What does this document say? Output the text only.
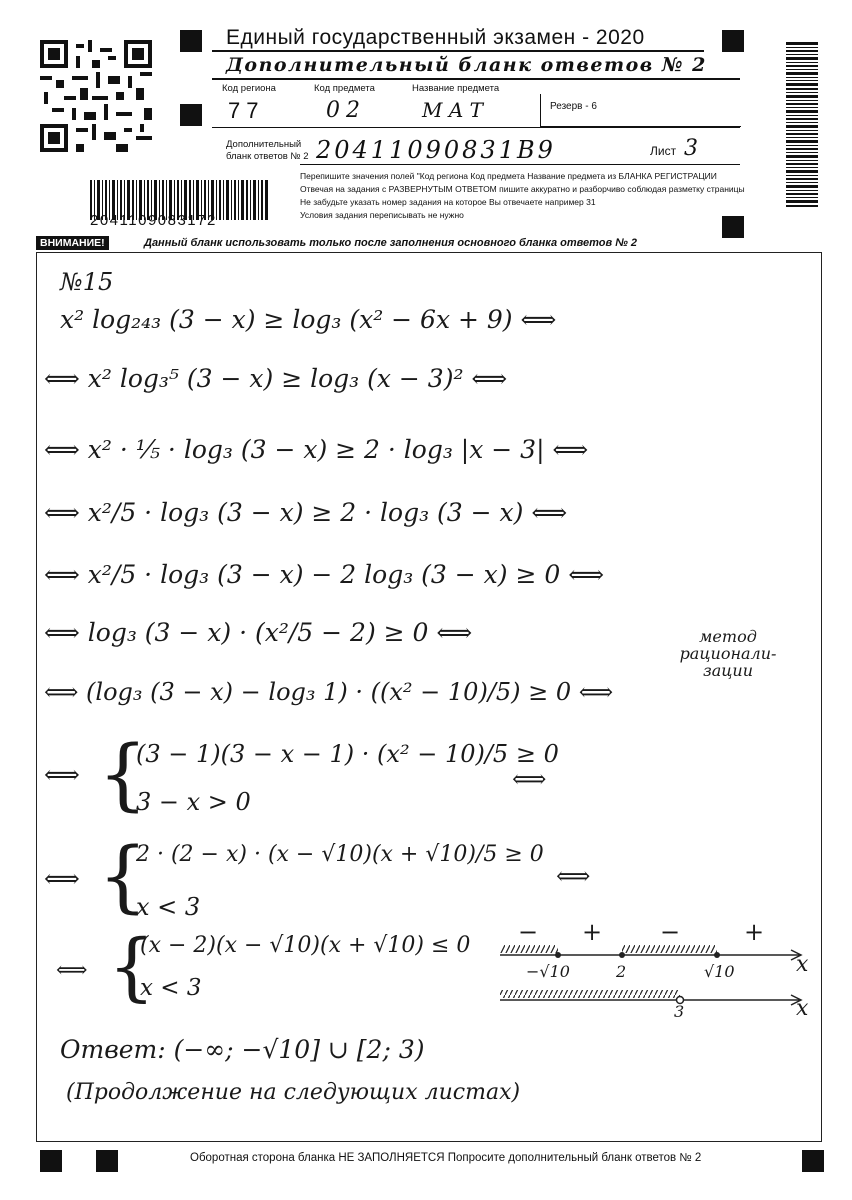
2041109083172
Единый государственный экзамен - 2020
Дополнительный бланк ответов № 2
Код региона
77
Код предмета
02
Название предмета
МАТ	Резерв - 6
Дополнительный бланк ответов № 2 20411090831В9	Лист 3
Перепишите значения полей "Код региона Код предмета Название предмета из БЛАНКА РЕГИСТРАЦИИ
Отвечая на задания с РАЗВЕРНУТЫМ ОТВЕТОМ пишите аккуратно и разборчиво соблюдая разметку страницы
Не забудьте указать номер задания на которое Вы отвечаете например 31
Условия задания переписывать не нужно
ВНИМАНИЕ!	Данный бланк использовать только после заполнения основного бланка ответов № 2
№15
x² log₂₄₃ (3 − x) ≥ log₃ (x² − 6x + 9) ⟺
⟺ x² log₃⁵ (3 − x) ≥ log₃ (x − 3)² ⟺
⟺ x² · ⅕ · log₃ (3 − x) ≥ 2 · log₃ |x − 3| ⟺
⟺ x²/5 · log₃ (3 − x) ≥ 2 · log₃ (3 − x) ⟺
⟺ x²/5 · log₃ (3 − x) − 2 log₃ (3 − x) ≥ 0 ⟺
⟺ log₃ (3 − x) · (x²/5 − 2) ≥ 0 ⟺
⟺ (log₃ (3 − x) − log₃ 1) · ((x² − 10)/5) ≥ 0 ⟺
метод рационали- зации
⟺ {
(3 − 1)(3 − x − 1) · (x² − 10)/5 ≥ 0
3 − x > 0
⟺
⟺ {
2 · (2 − x) · (x − √10)(x + √10)/5 ≥ 0
x < 3
⟺
⟺ {
(x − 2)(x − √10)(x + √10) ≤ 0
x < 3
− + −	+
−√10	2	√10	x
3	x
Ответ: (−∞; −√10] ∪ [2; 3)
(Продолжение на следующих листах)
Оборотная сторона бланка НЕ ЗАПОЛНЯЕТСЯ Попросите дополнительный бланк ответов № 2
